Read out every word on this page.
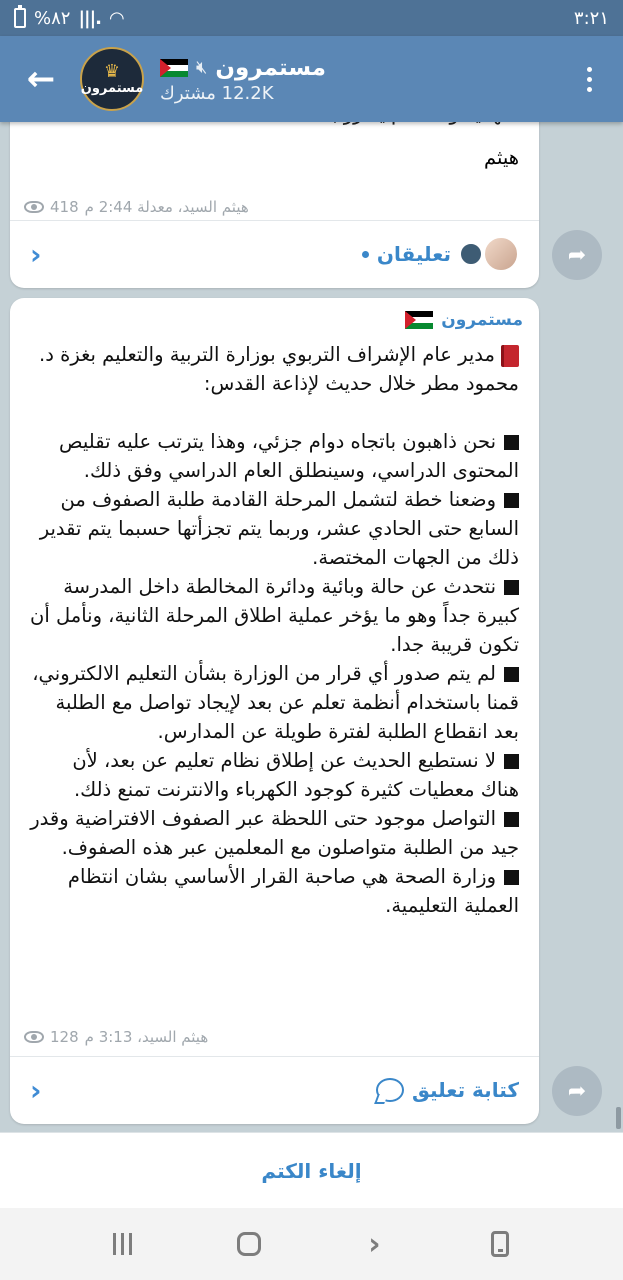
%٨٢ |||. ◠	٣:٢١
←	♛
مستمرون
مستمرون
🔇︎
12.2K مشترك
هيثم
418 هيثم السيد، معدلة 2:44 م
›	تعليقان	➦
مستمرون

مدير عام الإشراف التربوي بوزارة التربية والتعليم بغزة د. محمود مطر خلال حديث لإذاعة القدس:

نحن ذاهبون باتجاه دوام جزئي، وهذا يترتب عليه تقليص المحتوى الدراسي، وسينطلق العام الدراسي وفق ذلك.

وضعنا خطة لتشمل المرحلة القادمة طلبة الصفوف من السابع حتى الحادي عشر، وربما يتم تجزأتها حسبما يتم تقدير ذلك من الجهات المختصة.

نتحدث عن حالة وبائية ودائرة المخالطة داخل المدرسة كبيرة جداً وهو ما يؤخر عملية اطلاق المرحلة الثانية، ونأمل أن تكون قريبة جدا.

لم يتم صدور أي قرار من الوزارة بشأن التعليم الالكتروني، قمنا باستخدام أنظمة تعلم عن بعد لإيجاد تواصل مع الطلبة بعد انقطاع الطلبة لفترة طويلة عن المدارس.

لا نستطيع الحديث عن إطلاق نظام تعليم عن بعد، لأن هناك معطيات كثيرة كوجود الكهرباء والانترنت تمنع ذلك.

التواصل موجود حتى اللحظة عبر الصفوف الافتراضية وقدر جيد من الطلبة متواصلون مع المعلمين عبر هذه الصفوف.

وزارة الصحة هي صاحبة القرار الأساسي بشان انتظام العملية التعليمية.

128 هيثم السيد، 3:13 م
›	كتابة تعليق ➦
إلغاء الكتم
›
